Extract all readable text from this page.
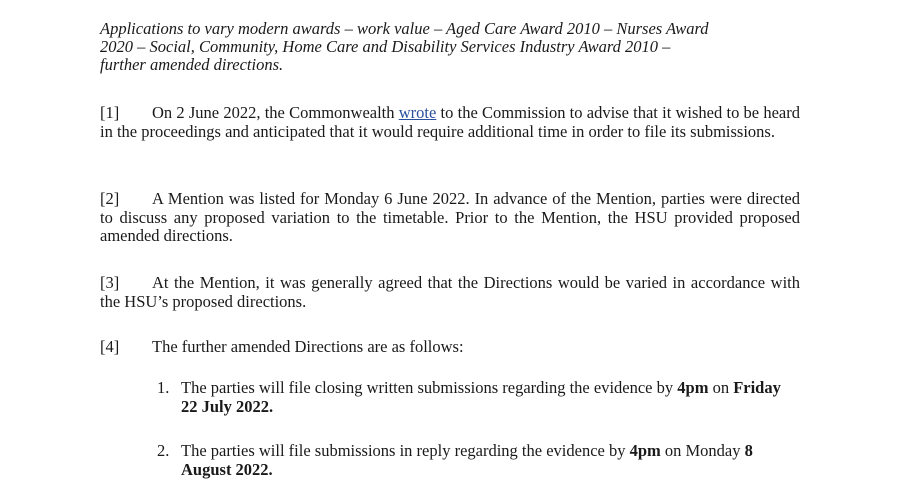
Applications to vary modern awards – work value – Aged Care Award 2010 – Nurses Award
2020 – Social, Community, Home Care and Disability Services Industry Award 2010 –
further amended directions.
[1] On 2 June 2022, the Commonwealth wrote to the Commission to advise that it wished to be heard in the proceedings and anticipated that it would require additional time in order to file its submissions.
[2] A Mention was listed for Monday 6 June 2022. In advance of the Mention, parties were directed to discuss any proposed variation to the timetable. Prior to the Mention, the HSU provided proposed amended directions.
[3] At the Mention, it was generally agreed that the Directions would be varied in accordance with the HSU’s proposed directions.
[4] The further amended Directions are as follows:
1. The parties will file closing written submissions regarding the evidence by 4pm on Friday 22 July 2022.
2. The parties will file submissions in reply regarding the evidence by 4pm on Monday 8 August 2022.
